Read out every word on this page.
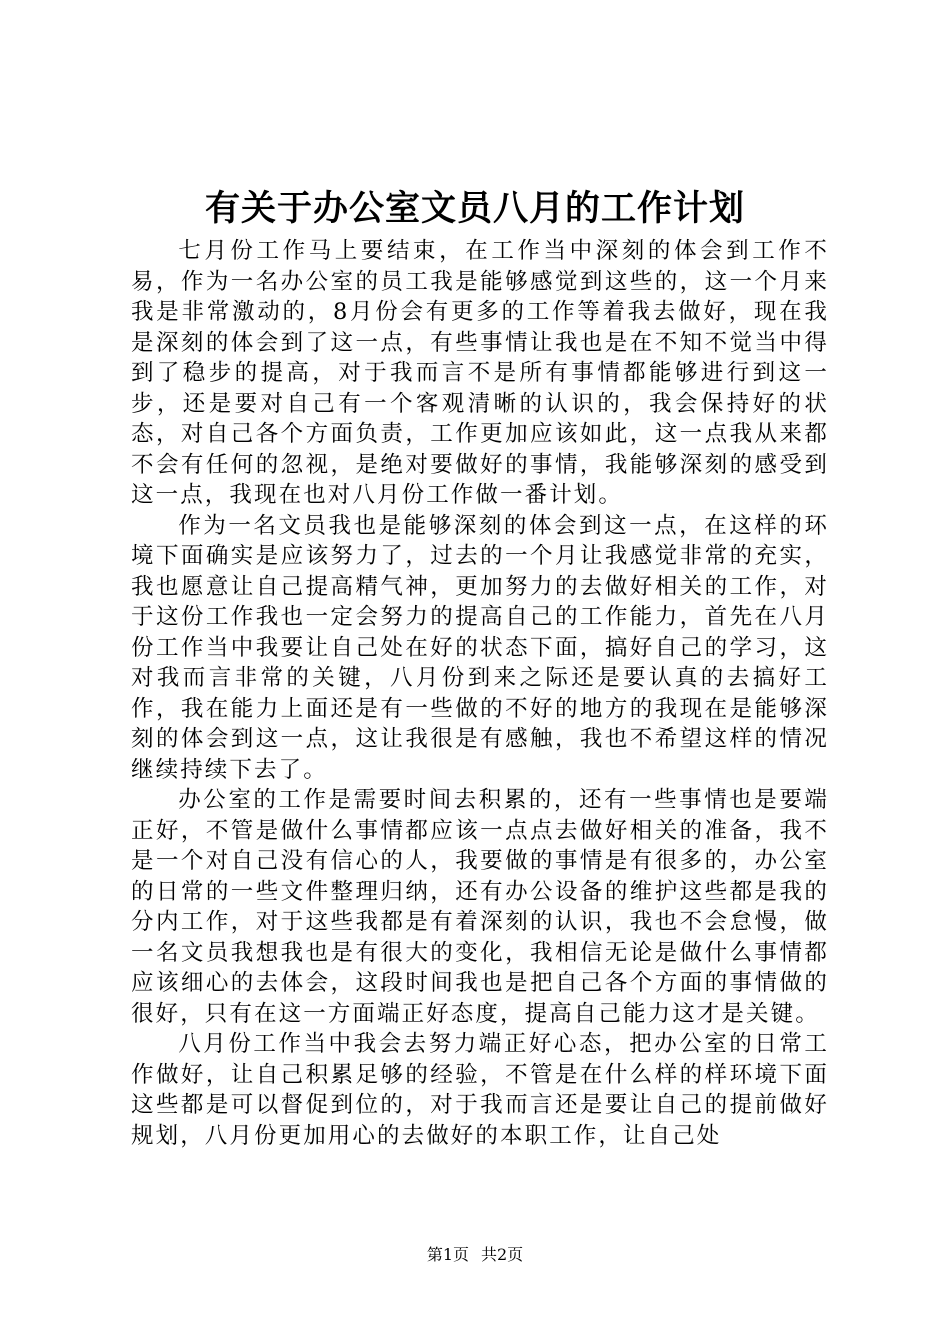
有关于办公室文员八月的工作计划

七月份工作马上要结束，在工作当中深刻的体会到工作不易，作为一名办公室的员工我是能够感觉到这些的，这一个月来我是非常激动的，8月份会有更多的工作等着我去做好，现在我是深刻的体会到了这一点，有些事情让我也是在不知不觉当中得到了稳步的提高，对于我而言不是所有事情都能够进行到这一步，还是要对自己有一个客观清晰的认识的，我会保持好的状态，对自己各个方面负责，工作更加应该如此，这一点我从来都不会有任何的忽视，是绝对要做好的事情，我能够深刻的感受到这一点，我现在也对八月份工作做一番计划。

作为一名文员我也是能够深刻的体会到这一点，在这样的环境下面确实是应该努力了，过去的一个月让我感觉非常的充实，我也愿意让自己提高精气神，更加努力的去做好相关的工作，对于这份工作我也一定会努力的提高自己的工作能力，首先在八月份工作当中我要让自己处在好的状态下面，搞好自己的学习，这对我而言非常的关键，八月份到来之际还是要认真的去搞好工作，我在能力上面还是有一些做的不好的地方的我现在是能够深刻的体会到这一点，这让我很是有感触，我也不希望这样的情况继续持续下去了。

办公室的工作是需要时间去积累的，还有一些事情也是要端正好，不管是做什么事情都应该一点点去做好相关的准备，我不是一个对自己没有信心的人，我要做的事情是有很多的，办公室的日常的一些文件整理归纳，还有办公设备的维护这些都是我的分内工作，对于这些我都是有着深刻的认识，我也不会怠慢，做一名文员我想我也是有很大的变化，我相信无论是做什么事情都应该细心的去体会，这段时间我也是把自己各个方面的事情做的很好，只有在这一方面端正好态度，提高自己能力这才是关键。

八月份工作当中我会去努力端正好心态，把办公室的日常工作做好，让自己积累足够的经验，不管是在什么样的样环境下面这些都是可以督促到位的，对于我而言还是要让自己的提前做好规划，八月份更加用心的去做好的本职工作，让自己处

第1页 共2页
